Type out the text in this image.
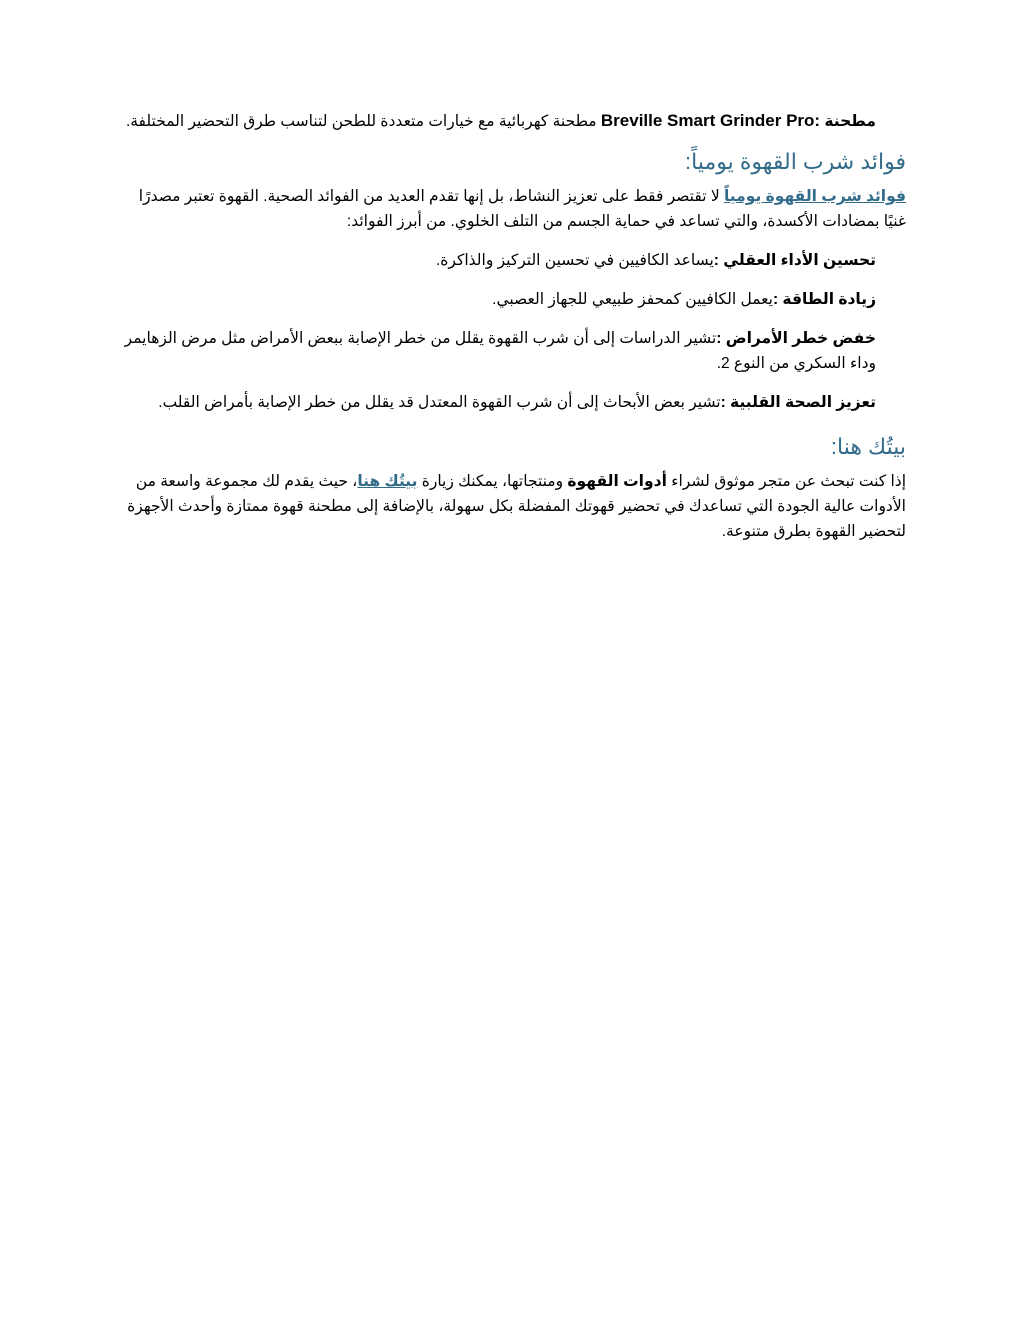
مطحنة Breville Smart Grinder Pro: مطحنة كهربائية مع خيارات متعددة للطحن لتناسب طرق التحضير المختلفة.

فوائد شرب القهوة يومياً:

فوائد شرب القهوة يومياً لا تقتصر فقط على تعزيز النشاط، بل إنها تقدم العديد من الفوائد الصحية. القهوة تعتبر مصدرًا غنيًا بمضادات الأكسدة، والتي تساعد في حماية الجسم من التلف الخلوي. من أبرز الفوائد:

تحسين الأداء العقلي :يساعد الكافيين في تحسين التركيز والذاكرة.

زيادة الطاقة :يعمل الكافيين كمحفز طبيعي للجهاز العصبي.

خفض خطر الأمراض :تشير الدراسات إلى أن شرب القهوة يقلل من خطر الإصابة ببعض الأمراض مثل مرض الزهايمر وداء السكري من النوع 2.

تعزيز الصحة القلبية :تشير بعض الأبحاث إلى أن شرب القهوة المعتدل قد يقلل من خطر الإصابة بأمراض القلب.

بيتُك هنا:

إذا كنت تبحث عن متجر موثوق لشراء أدوات القهوة ومنتجاتها، يمكنك زيارة بيتُك هنا، حيث يقدم لك مجموعة واسعة من الأدوات عالية الجودة التي تساعدك في تحضير قهوتك المفضلة بكل سهولة، بالإضافة إلى مطحنة قهوة ممتازة وأحدث الأجهزة لتحضير القهوة بطرق متنوعة.
